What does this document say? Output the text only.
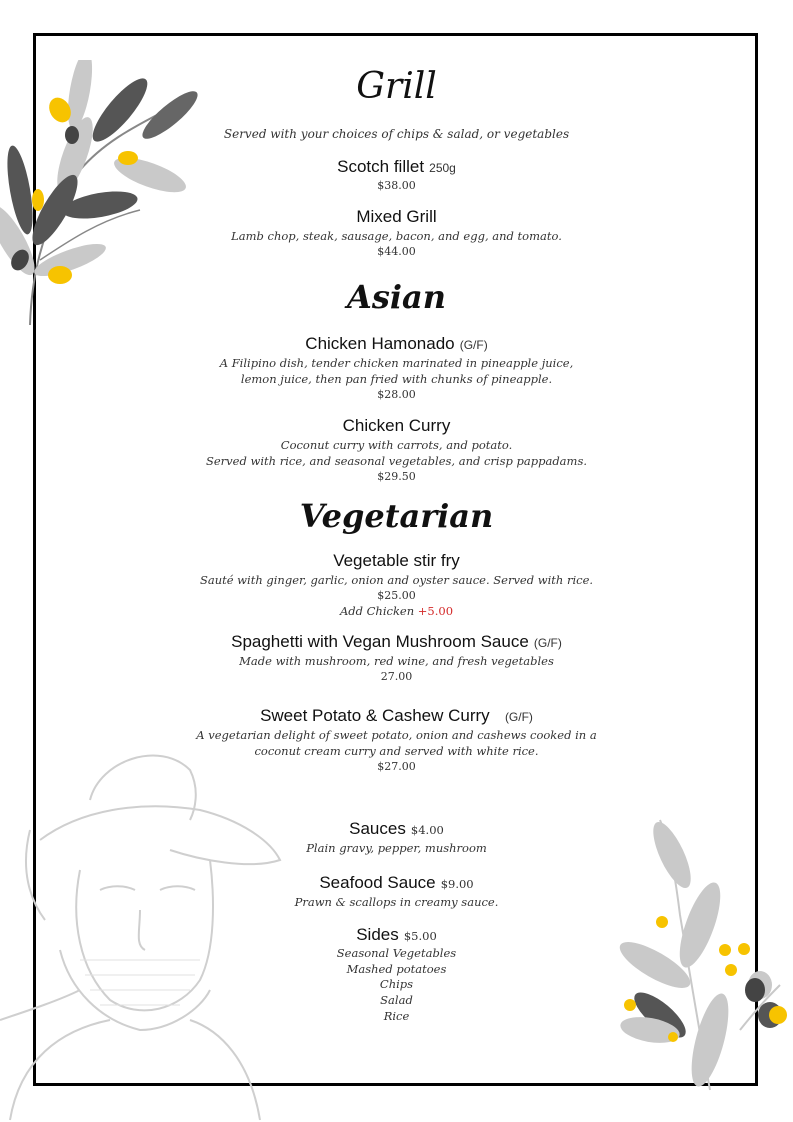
Grill
Served with your choices of chips & salad, or vegetables
Scotch fillet 250g
$38.00
Mixed Grill
Lamb chop, steak, sausage, bacon, and egg, and tomato.
$44.00
Asian
Chicken Hamonado (G/F)
A Filipino dish, tender chicken marinated in pineapple juice,
lemon juice, then pan fried with chunks of pineapple.
$28.00
Chicken Curry
Coconut curry with carrots, and potato.
Served with rice, and seasonal vegetables, and crisp pappadams.
$29.50
Vegetarian
Vegetable stir fry
Sauté with ginger, garlic, onion and oyster sauce. Served with rice.
$25.00
Add Chicken +5.00
Spaghetti with Vegan Mushroom Sauce (G/F)
Made with mushroom, red wine, and fresh vegetables
27.00
Sweet Potato & Cashew Curry (G/F)
A vegetarian delight of sweet potato, onion and cashews cooked in a
coconut cream curry and served with white rice.
$27.00
Sauces $4.00
Plain gravy, pepper, mushroom
Seafood Sauce $9.00
Prawn & scallops in creamy sauce.
Sides $5.00
Seasonal Vegetables
Mashed potatoes
Chips
Salad
Rice
